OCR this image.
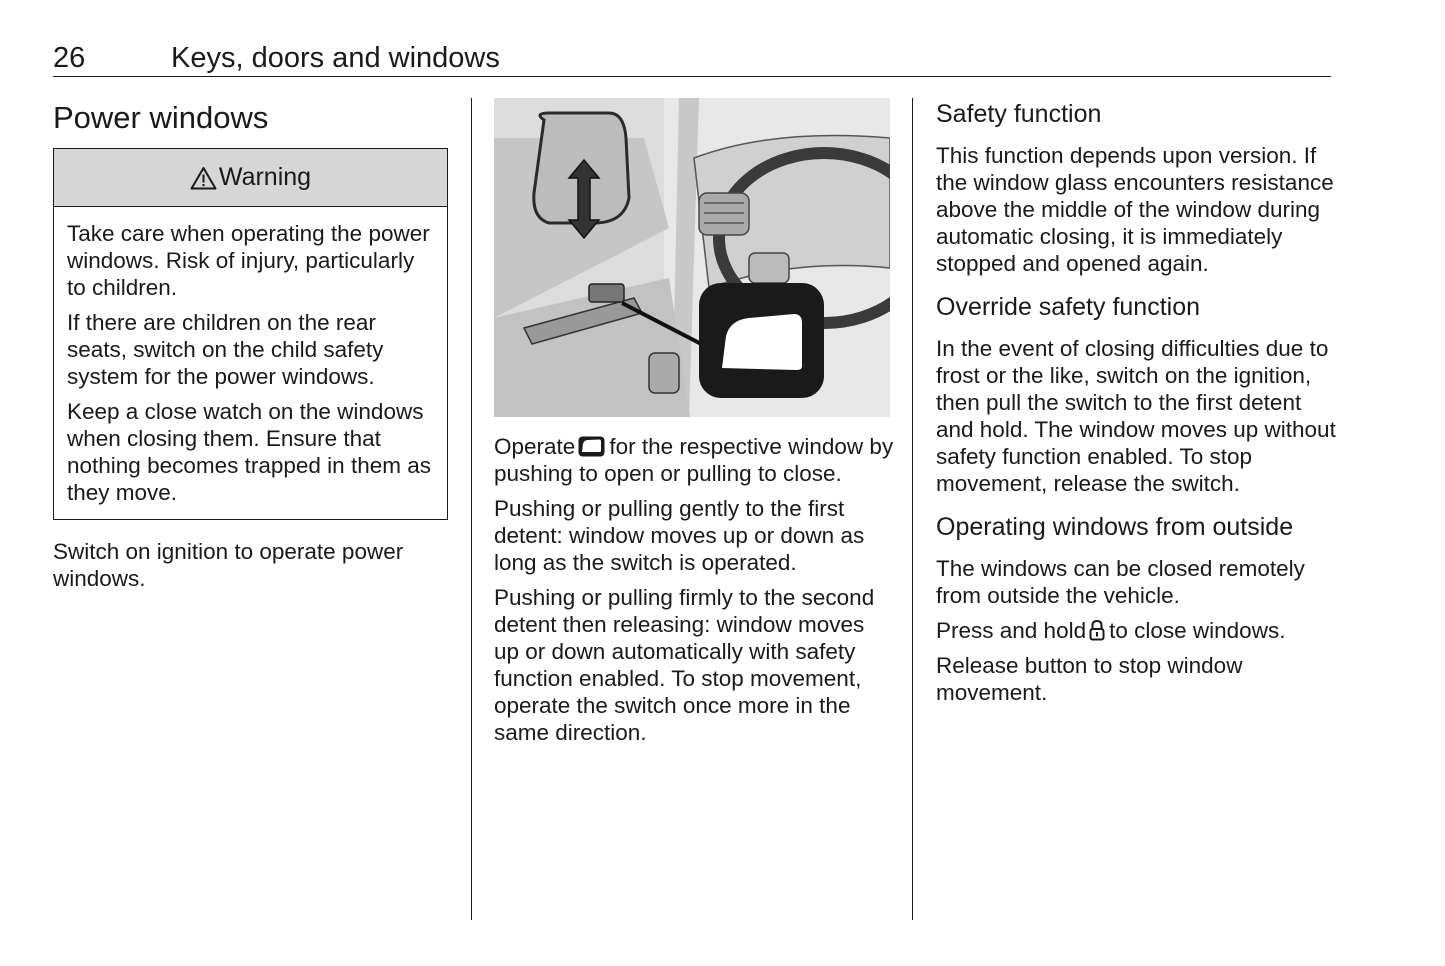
26	Keys, doors and windows
Power windows
Warning

Take care when operating the power windows. Risk of injury, particularly to children.

If there are children on the rear seats, switch on the child safety system for the power windows.

Keep a close watch on the windows when closing them. Ensure that nothing becomes trapped in them as they move.

Switch on ignition to operate power windows.

Operate for the respective window by pushing to open or pulling to close.

Pushing or pulling gently to the first detent: window moves up or down as long as the switch is operated.

Pushing or pulling firmly to the second detent then releasing: window moves up or down automatically with safety function enabled. To stop movement, operate the switch once more in the same direction.

Safety function

This function depends upon version. If the window glass encounters resistance above the middle of the window during automatic closing, it is immediately stopped and opened again.

Override safety function

In the event of closing difficulties due to frost or the like, switch on the ignition, then pull the switch to the first detent and hold. The window moves up without safety function enabled. To stop movement, release the switch.

Operating windows from outside

The windows can be closed remotely from outside the vehicle.

Press and hold to close windows.

Release button to stop window movement.
